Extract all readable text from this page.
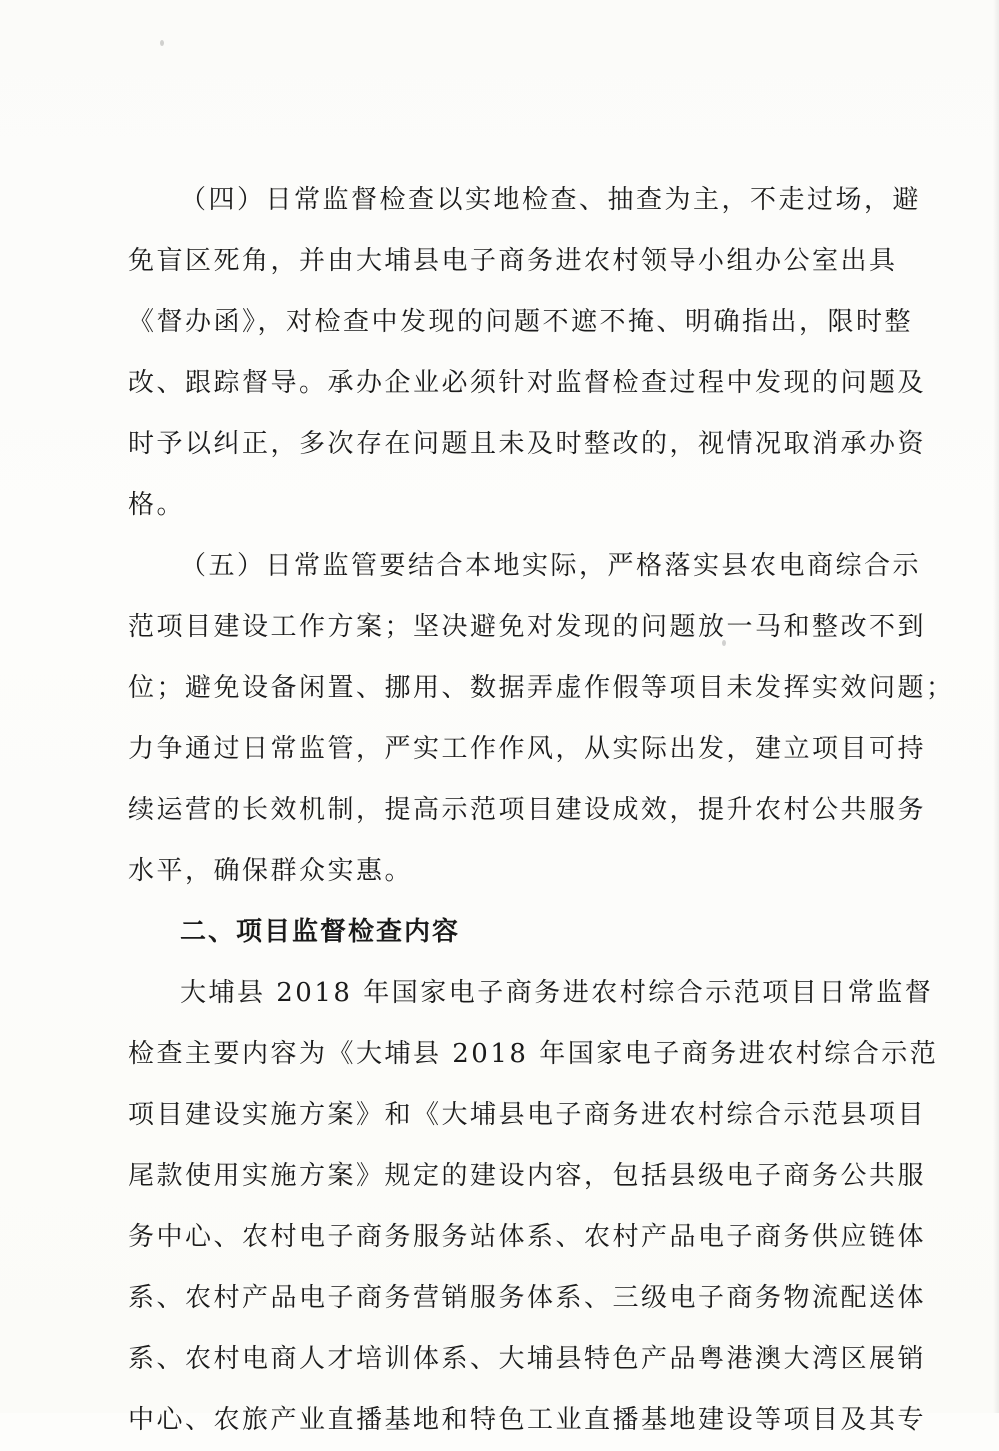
（四）日常监督检查以实地检查、抽查为主，不走过场，避
免盲区死角，并由大埔县电子商务进农村领导小组办公室出具
《督办函》，对检查中发现的问题不遮不掩、明确指出，限时整
改、跟踪督导。承办企业必须针对监督检查过程中发现的问题及
时予以纠正，多次存在问题且未及时整改的，视情况取消承办资
格。

（五）日常监管要结合本地实际，严格落实县农电商综合示
范项目建设工作方案；坚决避免对发现的问题放一马和整改不到
位；避免设备闲置、挪用、数据弄虚作假等项目未发挥实效问题；
力争通过日常监管，严实工作作风，从实际出发，建立项目可持
续运营的长效机制，提高示范项目建设成效，提升农村公共服务
水平，确保群众实惠。

二、项目监督检查内容

大埔县 2018 年国家电子商务进农村综合示范项目日常监督
检查主要内容为《大埔县 2018 年国家电子商务进农村综合示范
项目建设实施方案》和《大埔县电子商务进农村综合示范县项目
尾款使用实施方案》规定的建设内容，包括县级电子商务公共服
务中心、农村电子商务服务站体系、农村产品电子商务供应链体
系、农村产品电子商务营销服务体系、三级电子商务物流配送体
系、农村电商人才培训体系、大埔县特色产品粤港澳大湾区展销
中心、农旅产业直播基地和特色工业直播基地建设等项目及其专
